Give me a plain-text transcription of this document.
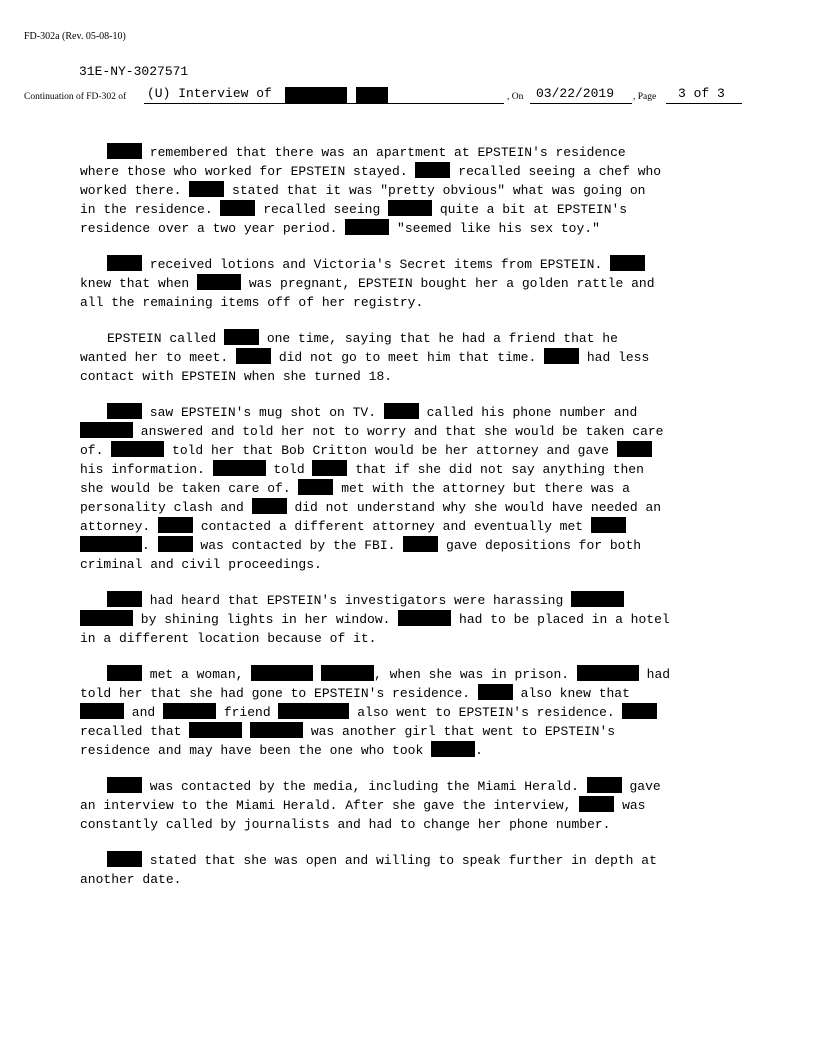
FD-302a (Rev. 05-08-10)
31E-NY-3027571
Continuation of FD-302 of (U) Interview of	, On 03/22/2019 , Page 3 of 3
remembered that there was an apartment at EPSTEIN's residence
where those who worked for EPSTEIN stayed.	recalled seeing a chef who
worked there.	stated that it was "pretty obvious" what was going on
in the residence.	recalled seeing	quite a bit at EPSTEIN's
residence over a two year period.	"seemed like his sex toy."
received lotions and Victoria's Secret items from EPSTEIN.
knew that when	was pregnant, EPSTEIN bought her a golden rattle and
all the remaining items off of her registry.
EPSTEIN called	one time, saying that he had a friend that he
wanted her to meet.	did not go to meet him that time.	had less
contact with EPSTEIN when she turned 18.
saw EPSTEIN's mug shot on TV.	called his phone number and
answered and told her not to worry and that she would be taken care
of.	told her that Bob Critton would be her attorney and gave
his information.	told	that if she did not say anything then
she would be taken care of.	met with the attorney but there was a
personality clash and	did not understand why she would have needed an
attorney.	contacted a different attorney and eventually met
.	was contacted by the FBI.	gave depositions for both
criminal and civil proceedings.
had heard that EPSTEIN's investigators were harassing
by shining lights in her window.	had to be placed in a hotel
in a different location because of it.
met a woman,	, when she was in prison.	had
told her that she had gone to EPSTEIN's residence.	also knew that
and	friend	also went to EPSTEIN's residence.
recalled that	was another girl that went to EPSTEIN's
residence and may have been the one who took	.
was contacted by the media, including the Miami Herald.	gave
an interview to the Miami Herald. After she gave the interview,	was
constantly called by journalists and had to change her phone number.
stated that she was open and willing to speak further in depth at
another date.
